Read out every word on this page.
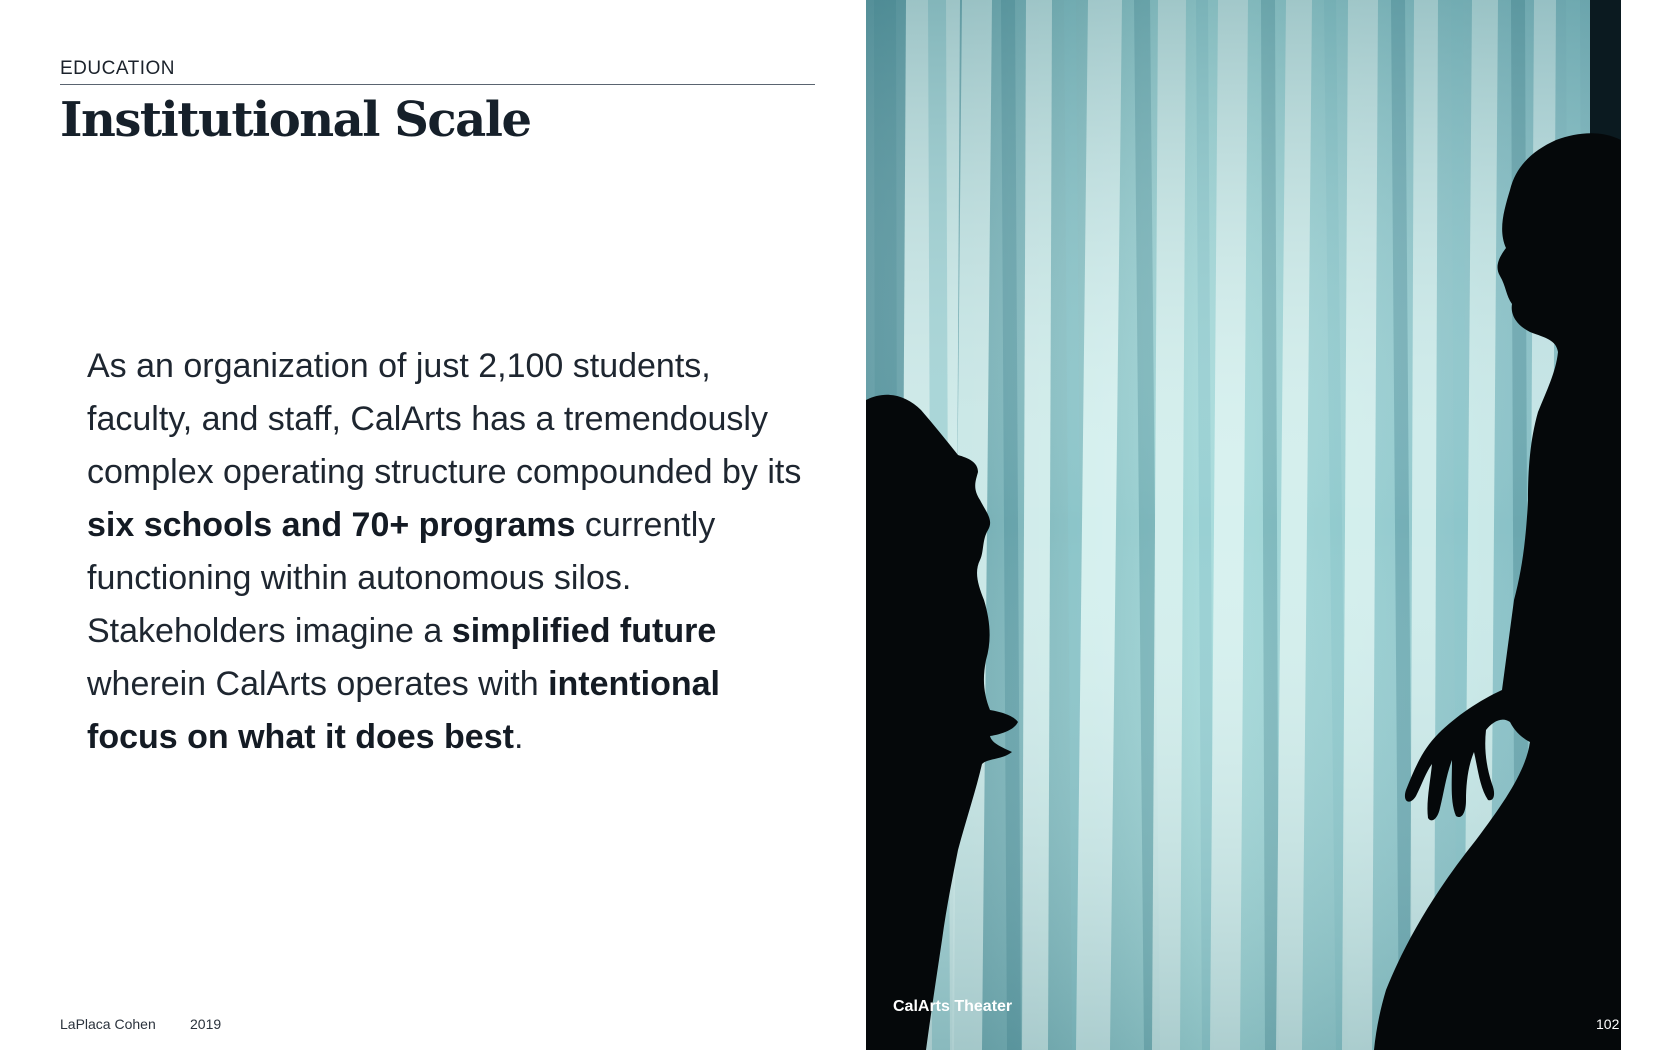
EDUCATION
Institutional Scale

As an organization of just 2,100 students, faculty, and staff, CalArts has a tremendously complex operating structure compounded by its six schools and 70+ programs currently functioning within autonomous silos. Stakeholders imagine a simplified future wherein CalArts operates with intentional focus on what it does best.

LaPlaca Cohen 2019
CalArts Theater
102
